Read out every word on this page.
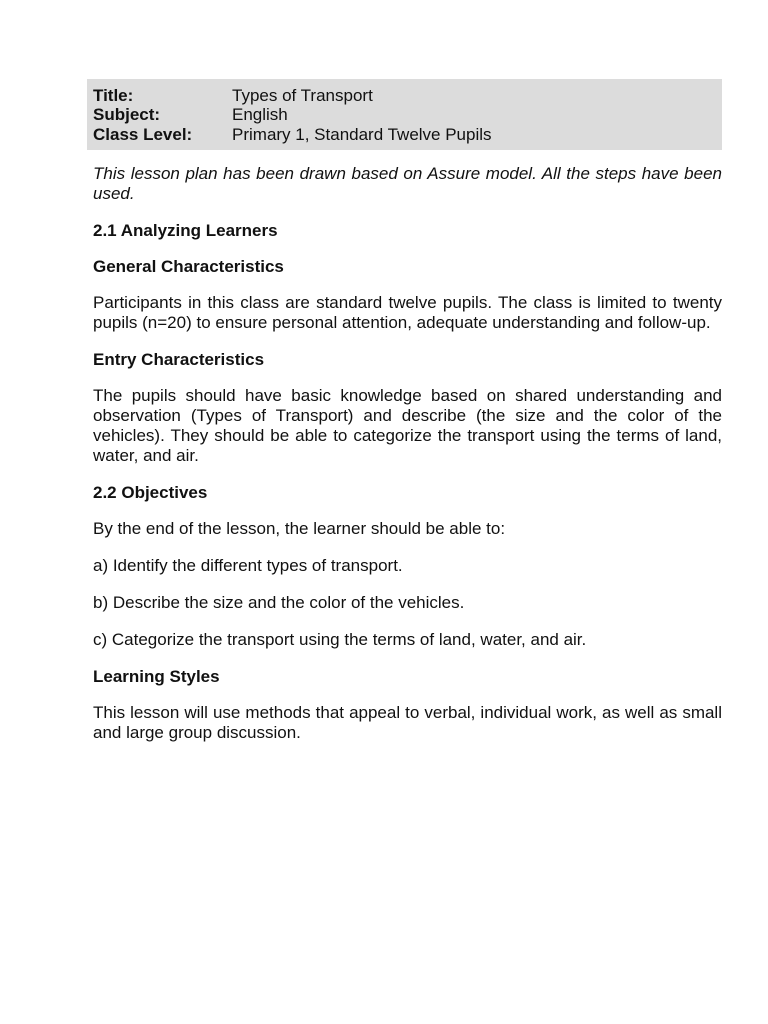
Title:	Types of Transport
Subject:	English
Class Level:	Primary 1, Standard Twelve Pupils

This lesson plan has been drawn based on Assure model. All the steps have been used.

2.1 Analyzing Learners
General Characteristics

Participants in this class are standard twelve pupils. The class is limited to twenty pupils (n=20) to ensure personal attention, adequate understanding and follow-up.

Entry Characteristics

The pupils should have basic knowledge based on shared understanding and observation (Types of Transport) and describe (the size and the color of the vehicles). They should be able to categorize the transport using the terms of land, water, and air.

2.2 Objectives

By the end of the lesson, the learner should be able to:

a) Identify the different types of transport.

b) Describe the size and the color of the vehicles.

c) Categorize the transport using the terms of land, water, and air.

Learning Styles

This lesson will use methods that appeal to verbal, individual work, as well as small and large group discussion.
